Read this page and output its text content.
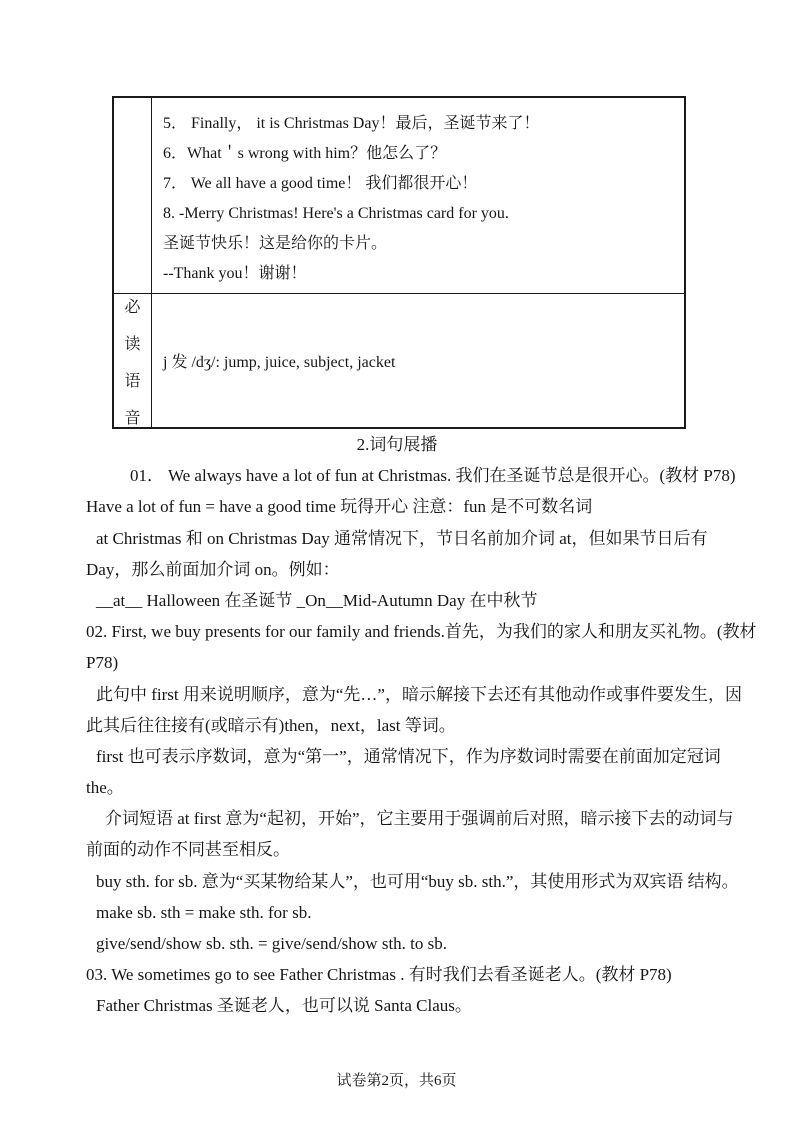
5． Finally， it is Christmas Day！最后，圣诞节来了！
6．What＇s wrong with him？他怎么了？
7． We all have a good time！ 我们都很开心！
8. -Merry Christmas! Here's a Christmas card for you.
圣诞节快乐！这是给你的卡片。
--Thank you！谢谢！
必
读
语
音
j 发 /dʒ/: jump, juice, subject, jacket
2.词句展播
01． We always have a lot of fun at Christmas. 我们在圣诞节总是很开心。(教材 P78)
Have a lot of fun = have a good time 玩得开心 注意：fun 是不可数名词
at Christmas 和 on Christmas Day 通常情况下，节日名前加介词 at，但如果节日后有
Day，那么前面加介词 on。例如：
__at__ Halloween 在圣诞节 _On__Mid-Autumn Day 在中秋节
02. First, we buy presents for our family and friends.首先，为我们的家人和朋友买礼物。(教材
P78)
此句中 first 用来说明顺序，意为“先…”，暗示解接下去还有其他动作或事件要发生，因
此其后往往接有(或暗示有)then，next，last 等词。
first 也可表示序数词，意为“第一”，通常情况下，作为序数词时需要在前面加定冠词
the。
介词短语 at first 意为“起初，开始”，它主要用于强调前后对照，暗示接下去的动词与
前面的动作不同甚至相反。
buy sth. for sb. 意为“买某物给某人”，也可用“buy sb. sth.”，其使用形式为双宾语 结构。
make sb. sth = make sth. for sb.
give/send/show sb. sth. = give/send/show sth. to sb.
03. We sometimes go to see Father Christmas . 有时我们去看圣诞老人。(教材 P78)
Father Christmas 圣诞老人，也可以说 Santa Claus。
试卷第2页，共6页
